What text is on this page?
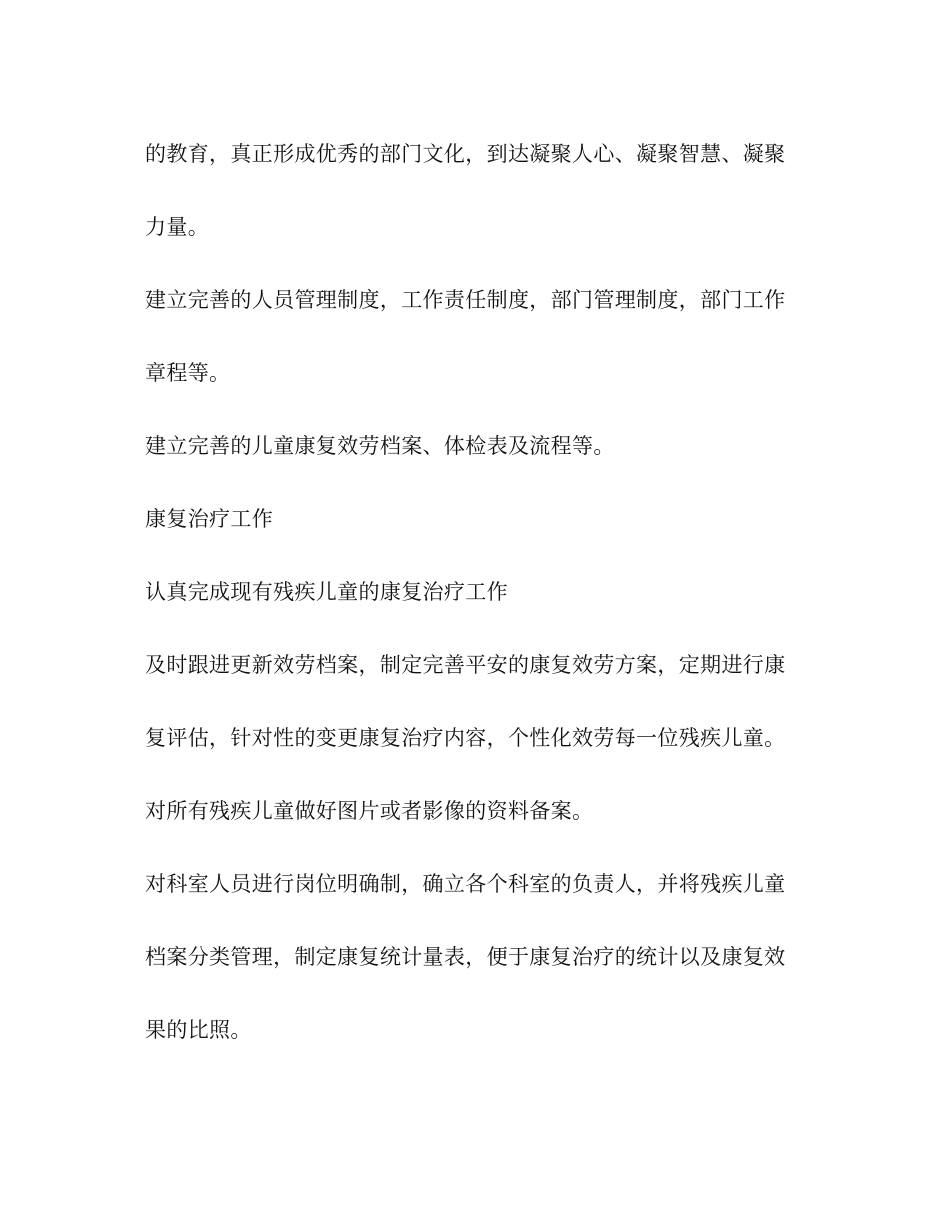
的教育，真正形成优秀的部门文化，到达凝聚人心、凝聚智慧、凝聚

力量。

建立完善的人员管理制度，工作责任制度，部门管理制度，部门工作

章程等。

建立完善的儿童康复效劳档案、体检表及流程等。

康复治疗工作

认真完成现有残疾儿童的康复治疗工作

及时跟进更新效劳档案，制定完善平安的康复效劳方案，定期进行康

复评估，针对性的变更康复治疗内容，个性化效劳每一位残疾儿童。

对所有残疾儿童做好图片或者影像的资料备案。

对科室人员进行岗位明确制，确立各个科室的负责人，并将残疾儿童

档案分类管理，制定康复统计量表，便于康复治疗的统计以及康复效

果的比照。
